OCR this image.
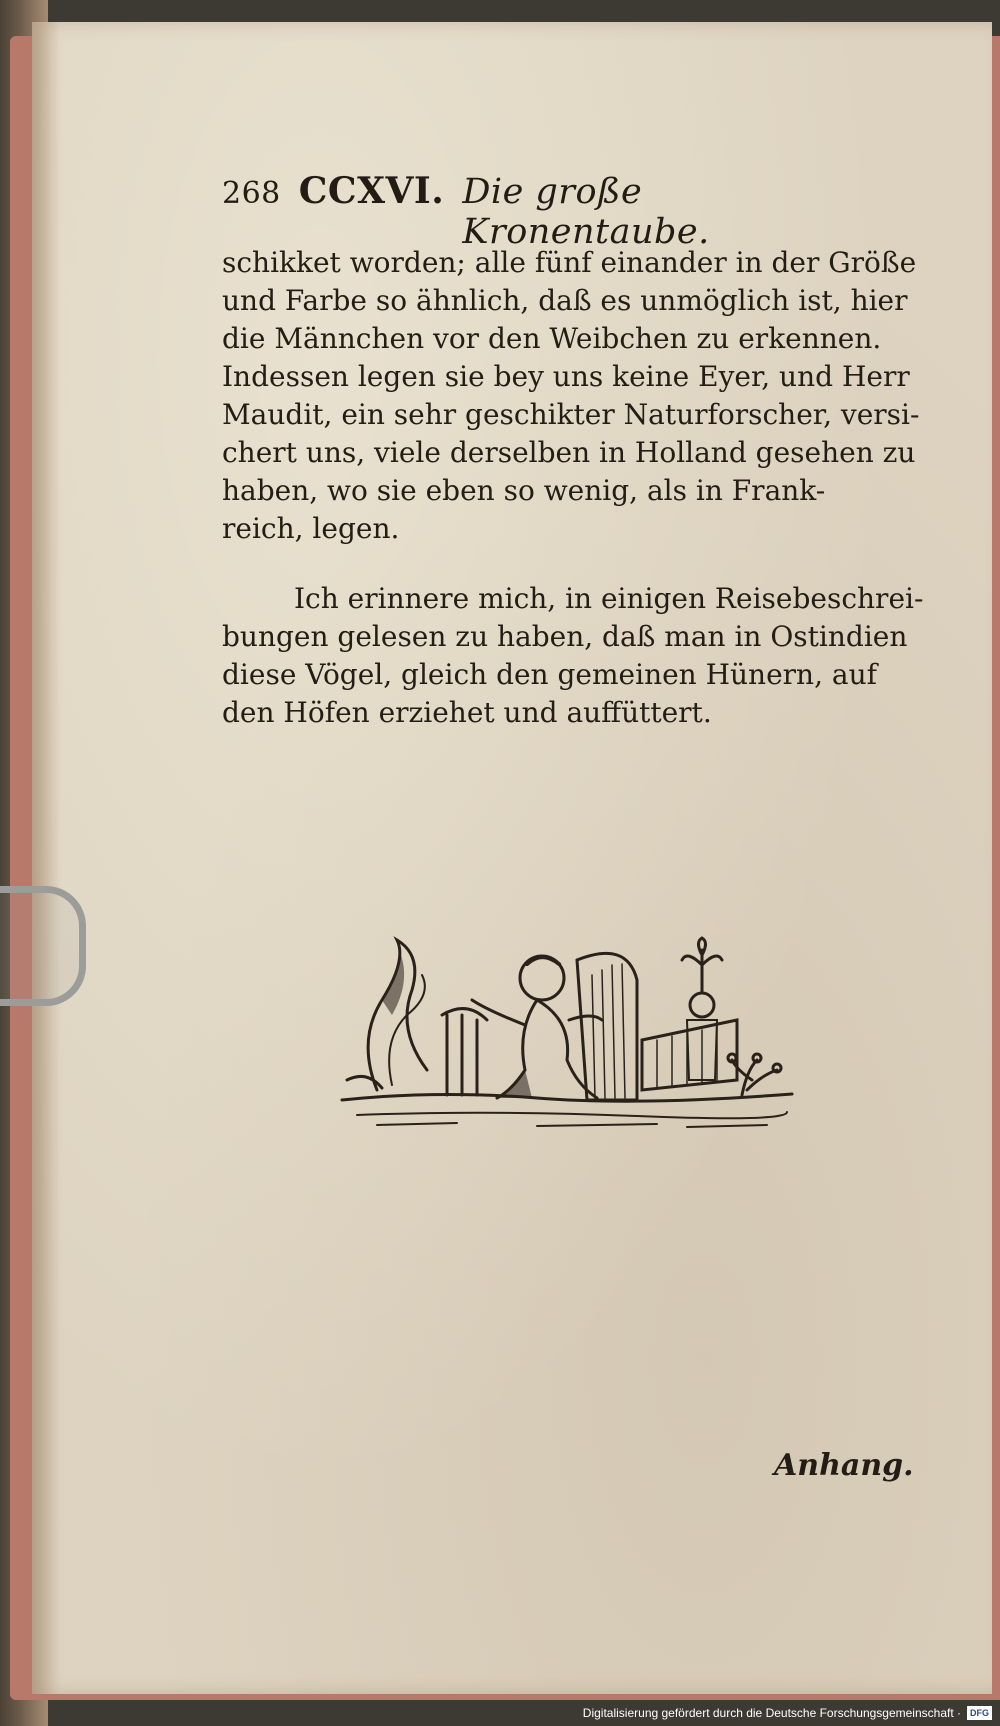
268 CCXVI. Die große Kronentaube.

schikket worden; alle fünf einander in der Größe
und Farbe so ähnlich, daß es unmöglich ist, hier
die Männchen vor den Weibchen zu erkennen.
Indessen legen sie bey uns keine Eyer, und Herr
Maudit, ein sehr geschikter Naturforscher, versi-
chert uns, viele derselben in Holland gesehen zu
haben, wo sie eben so wenig, als in Frank-
reich, legen.

Ich erinnere mich, in einigen Reisebeschrei-
bungen gelesen zu haben, daß man in Ostindien
diese Vögel, gleich den gemeinen Hünern, auf
den Höfen erziehet und auffüttert.

Anhang.
Digitalisierung gefördert durch die Deutsche Forschungsgemeinschaft ·	DFG
